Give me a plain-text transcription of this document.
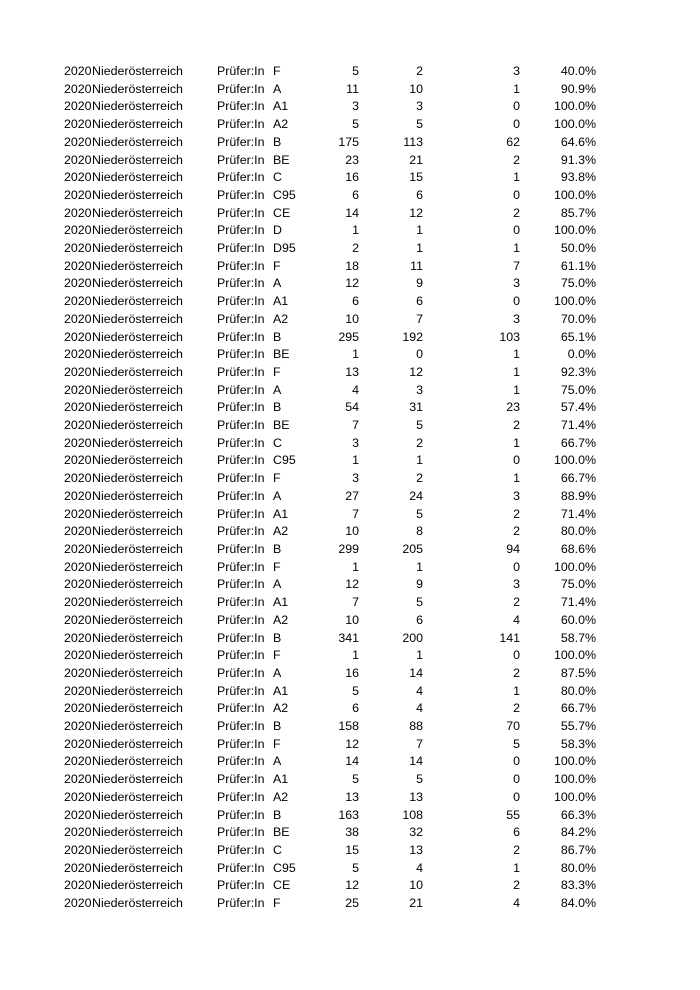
2020	Niederösterreich	Prüfer:In	F	5	2	3	40.0%
2020	Niederösterreich	Prüfer:In	A	11	10	1	90.9%
2020	Niederösterreich	Prüfer:In	A1	3	3	0	100.0%
2020	Niederösterreich	Prüfer:In	A2	5	5	0	100.0%
2020	Niederösterreich	Prüfer:In	B	175	113	62	64.6%
2020	Niederösterreich	Prüfer:In	BE	23	21	2	91.3%
2020	Niederösterreich	Prüfer:In	C	16	15	1	93.8%
2020	Niederösterreich	Prüfer:In	C95	6	6	0	100.0%
2020	Niederösterreich	Prüfer:In	CE	14	12	2	85.7%
2020	Niederösterreich	Prüfer:In	D	1	1	0	100.0%
2020	Niederösterreich	Prüfer:In	D95	2	1	1	50.0%
2020	Niederösterreich	Prüfer:In	F	18	11	7	61.1%
2020	Niederösterreich	Prüfer:In	A	12	9	3	75.0%
2020	Niederösterreich	Prüfer:In	A1	6	6	0	100.0%
2020	Niederösterreich	Prüfer:In	A2	10	7	3	70.0%
2020	Niederösterreich	Prüfer:In	B	295	192	103	65.1%
2020	Niederösterreich	Prüfer:In	BE	1	0	1	0.0%
2020	Niederösterreich	Prüfer:In	F	13	12	1	92.3%
2020	Niederösterreich	Prüfer:In	A	4	3	1	75.0%
2020	Niederösterreich	Prüfer:In	B	54	31	23	57.4%
2020	Niederösterreich	Prüfer:In	BE	7	5	2	71.4%
2020	Niederösterreich	Prüfer:In	C	3	2	1	66.7%
2020	Niederösterreich	Prüfer:In	C95	1	1	0	100.0%
2020	Niederösterreich	Prüfer:In	F	3	2	1	66.7%
2020	Niederösterreich	Prüfer:In	A	27	24	3	88.9%
2020	Niederösterreich	Prüfer:In	A1	7	5	2	71.4%
2020	Niederösterreich	Prüfer:In	A2	10	8	2	80.0%
2020	Niederösterreich	Prüfer:In	B	299	205	94	68.6%
2020	Niederösterreich	Prüfer:In	F	1	1	0	100.0%
2020	Niederösterreich	Prüfer:In	A	12	9	3	75.0%
2020	Niederösterreich	Prüfer:In	A1	7	5	2	71.4%
2020	Niederösterreich	Prüfer:In	A2	10	6	4	60.0%
2020	Niederösterreich	Prüfer:In	B	341	200	141	58.7%
2020	Niederösterreich	Prüfer:In	F	1	1	0	100.0%
2020	Niederösterreich	Prüfer:In	A	16	14	2	87.5%
2020	Niederösterreich	Prüfer:In	A1	5	4	1	80.0%
2020	Niederösterreich	Prüfer:In	A2	6	4	2	66.7%
2020	Niederösterreich	Prüfer:In	B	158	88	70	55.7%
2020	Niederösterreich	Prüfer:In	F	12	7	5	58.3%
2020	Niederösterreich	Prüfer:In	A	14	14	0	100.0%
2020	Niederösterreich	Prüfer:In	A1	5	5	0	100.0%
2020	Niederösterreich	Prüfer:In	A2	13	13	0	100.0%
2020	Niederösterreich	Prüfer:In	B	163	108	55	66.3%
2020	Niederösterreich	Prüfer:In	BE	38	32	6	84.2%
2020	Niederösterreich	Prüfer:In	C	15	13	2	86.7%
2020	Niederösterreich	Prüfer:In	C95	5	4	1	80.0%
2020	Niederösterreich	Prüfer:In	CE	12	10	2	83.3%
2020	Niederösterreich	Prüfer:In	F	25	21	4	84.0%
